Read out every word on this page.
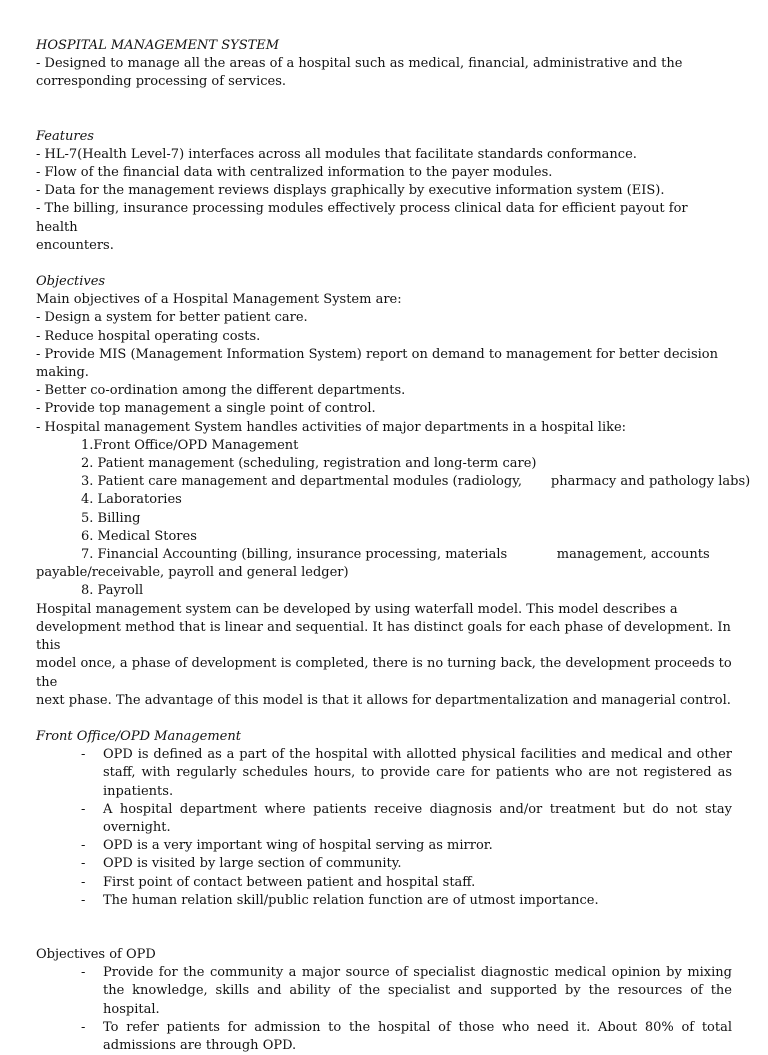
HOSPITAL MANAGEMENT SYSTEM

- Designed to manage all the areas of a hospital such as medical, financial, administrative and the

corresponding processing of services.

Features

- HL-7(Health Level-7) interfaces across all modules that facilitate standards conformance.

- Flow of the financial data with centralized information to the payer modules.

- Data for the management reviews displays graphically by executive information system (EIS).

- The billing, insurance processing modules effectively process clinical data for efficient payout for health

encounters.

Objectives

Main objectives of a Hospital Management System are:

- Design a system for better patient care.

- Reduce hospital operating costs.

- Provide MIS (Management Information System) report on demand to management for better decision

making.

- Better co-ordination among the different departments.

- Provide top management a single point of control.

- Hospital management System handles activities of major departments in a hospital like:

1.Front Office/OPD Management

2. Patient management (scheduling, registration and long-term care)

3. Patient care management and departmental modules (radiology,       pharmacy and pathology labs)

4. Laboratories

5. Billing

6. Medical Stores

7. Financial Accounting (billing, insurance processing, materials            management, accounts

payable/receivable, payroll and general ledger)

8. Payroll

Hospital management system can be developed by using waterfall model. This model describes a

development method that is linear and sequential. It has distinct goals for each phase of development. In this

model once, a phase of development is completed, there is no turning back, the development proceeds to the

next phase. The advantage of this model is that it allows for departmentalization and managerial control.

Front Office/OPD Management

-	OPD is defined as a part of the hospital with allotted physical facilities and medical and other staff, with regularly schedules hours, to provide care for patients who are not registered as inpatients.
-	A hospital department where patients receive diagnosis and/or treatment but do not stay overnight.
-	OPD is a very important wing of hospital serving as mirror.
-	OPD is visited by large section of community.
-	First point of contact between patient and hospital staff.
-	The human relation skill/public relation function are of utmost importance.

Objectives of OPD

-	Provide for the community a major source of specialist diagnostic medical opinion by mixing the knowledge, skills and ability of the specialist and supported by the resources of the hospital.
-	To refer patients for admission to the hospital of those who need it. About 80% of total admissions are through OPD.
